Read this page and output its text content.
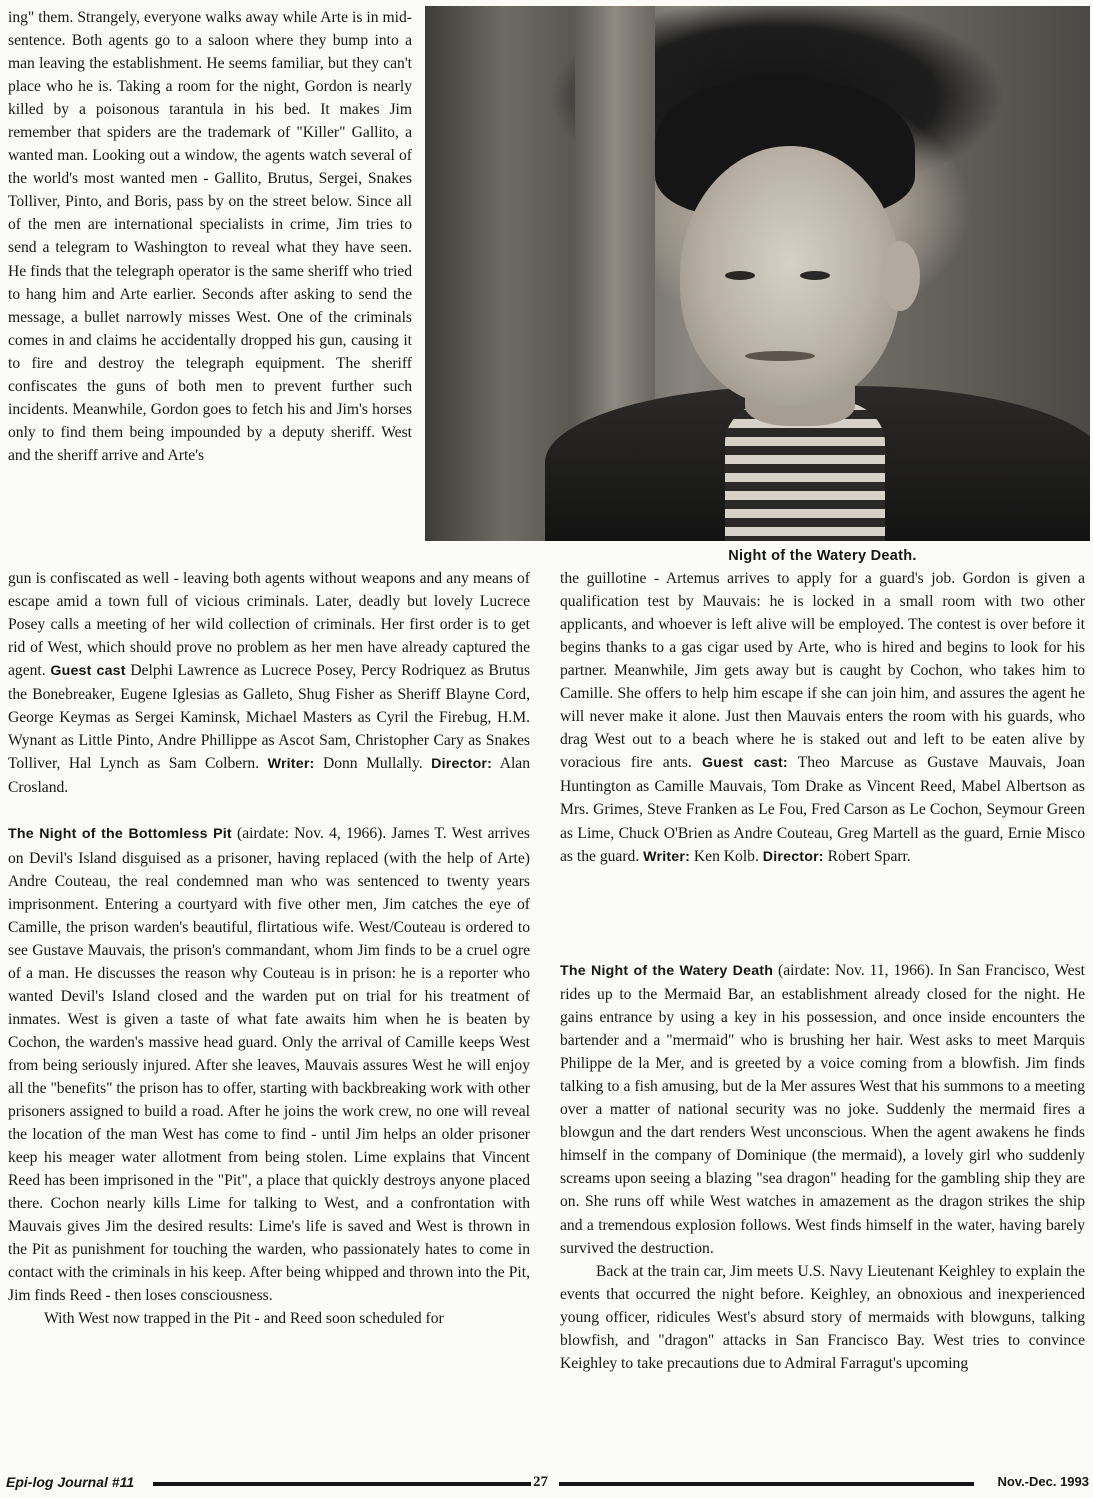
ing" them. Strangely, everyone walks away while Arte is in mid-sentence. Both agents go to a saloon where they bump into a man leaving the establishment. He seems familiar, but they can't place who he is. Taking a room for the night, Gordon is nearly killed by a poisonous tarantula in his bed. It makes Jim remember that spiders are the trademark of "Killer" Gallito, a wanted man. Looking out a window, the agents watch several of the world's most wanted men - Gallito, Brutus, Sergei, Snakes Tolliver, Pinto, and Boris, pass by on the street below. Since all of the men are international specialists in crime, Jim tries to send a telegram to Washington to reveal what they have seen. He finds that the telegraph operator is the same sheriff who tried to hang him and Arte earlier. Seconds after asking to send the message, a bullet narrowly misses West. One of the criminals comes in and claims he accidentally dropped his gun, causing it to fire and destroy the telegraph equipment. The sheriff confiscates the guns of both men to prevent further such incidents. Meanwhile, Gordon goes to fetch his and Jim's horses only to find them being impounded by a deputy sheriff. West and the sheriff arrive and Arte's

Night of the Watery Death.

gun is confiscated as well - leaving both agents without weapons and any means of escape amid a town full of vicious criminals. Later, deadly but lovely Lucrece Posey calls a meeting of her wild collection of criminals. Her first order is to get rid of West, which should prove no problem as her men have already captured the agent. Guest cast Delphi Lawrence as Lucrece Posey, Percy Rodriquez as Brutus the Bonebreaker, Eugene Iglesias as Galleto, Shug Fisher as Sheriff Blayne Cord, George Keymas as Sergei Kaminsk, Michael Masters as Cyril the Firebug, H.M. Wynant as Little Pinto, Andre Phillippe as Ascot Sam, Christopher Cary as Snakes Tolliver, Hal Lynch as Sam Colbern. Writer: Donn Mullally. Director: Alan Crosland.

The Night of the Bottomless Pit (airdate: Nov. 4, 1966). James T. West arrives on Devil's Island disguised as a prisoner, having replaced (with the help of Arte) Andre Couteau, the real condemned man who was sentenced to twenty years imprisonment. Entering a courtyard with five other men, Jim catches the eye of Camille, the prison warden's beautiful, flirtatious wife. West/Couteau is ordered to see Gustave Mauvais, the prison's commandant, whom Jim finds to be a cruel ogre of a man. He discusses the reason why Couteau is in prison: he is a reporter who wanted Devil's Island closed and the warden put on trial for his treatment of inmates. West is given a taste of what fate awaits him when he is beaten by Cochon, the warden's massive head guard. Only the arrival of Camille keeps West from being seriously injured. After she leaves, Mauvais assures West he will enjoy all the "benefits" the prison has to offer, starting with backbreaking work with other prisoners assigned to build a road. After he joins the work crew, no one will reveal the location of the man West has come to find - until Jim helps an older prisoner keep his meager water allotment from being stolen. Lime explains that Vincent Reed has been imprisoned in the "Pit", a place that quickly destroys anyone placed there. Cochon nearly kills Lime for talking to West, and a confrontation with Mauvais gives Jim the desired results: Lime's life is saved and West is thrown in the Pit as punishment for touching the warden, who passionately hates to come in contact with the criminals in his keep. After being whipped and thrown into the Pit, Jim finds Reed - then loses consciousness.

With West now trapped in the Pit - and Reed soon scheduled for

the guillotine - Artemus arrives to apply for a guard's job. Gordon is given a qualification test by Mauvais: he is locked in a small room with two other applicants, and whoever is left alive will be employed. The contest is over before it begins thanks to a gas cigar used by Arte, who is hired and begins to look for his partner. Meanwhile, Jim gets away but is caught by Cochon, who takes him to Camille. She offers to help him escape if she can join him, and assures the agent he will never make it alone. Just then Mauvais enters the room with his guards, who drag West out to a beach where he is staked out and left to be eaten alive by voracious fire ants. Guest cast: Theo Marcuse as Gustave Mauvais, Joan Huntington as Camille Mauvais, Tom Drake as Vincent Reed, Mabel Albertson as Mrs. Grimes, Steve Franken as Le Fou, Fred Carson as Le Cochon, Seymour Green as Lime, Chuck O'Brien as Andre Couteau, Greg Martell as the guard, Ernie Misco as the guard. Writer: Ken Kolb. Director: Robert Sparr.

The Night of the Watery Death (airdate: Nov. 11, 1966). In San Francisco, West rides up to the Mermaid Bar, an establishment already closed for the night. He gains entrance by using a key in his possession, and once inside encounters the bartender and a "mermaid" who is brushing her hair. West asks to meet Marquis Philippe de la Mer, and is greeted by a voice coming from a blowfish. Jim finds talking to a fish amusing, but de la Mer assures West that his summons to a meeting over a matter of national security was no joke. Suddenly the mermaid fires a blowgun and the dart renders West unconscious. When the agent awakens he finds himself in the company of Dominique (the mermaid), a lovely girl who suddenly screams upon seeing a blazing "sea dragon" heading for the gambling ship they are on. She runs off while West watches in amazement as the dragon strikes the ship and a tremendous explosion follows. West finds himself in the water, having barely survived the destruction.

Back at the train car, Jim meets U.S. Navy Lieutenant Keighley to explain the events that occurred the night before. Keighley, an obnoxious and inexperienced young officer, ridicules West's absurd story of mermaids with blowguns, talking blowfish, and "dragon" attacks in San Francisco Bay. West tries to convince Keighley to take precautions due to Admiral Farragut's upcoming

Epi-log Journal #11	27	Nov.-Dec. 1993
